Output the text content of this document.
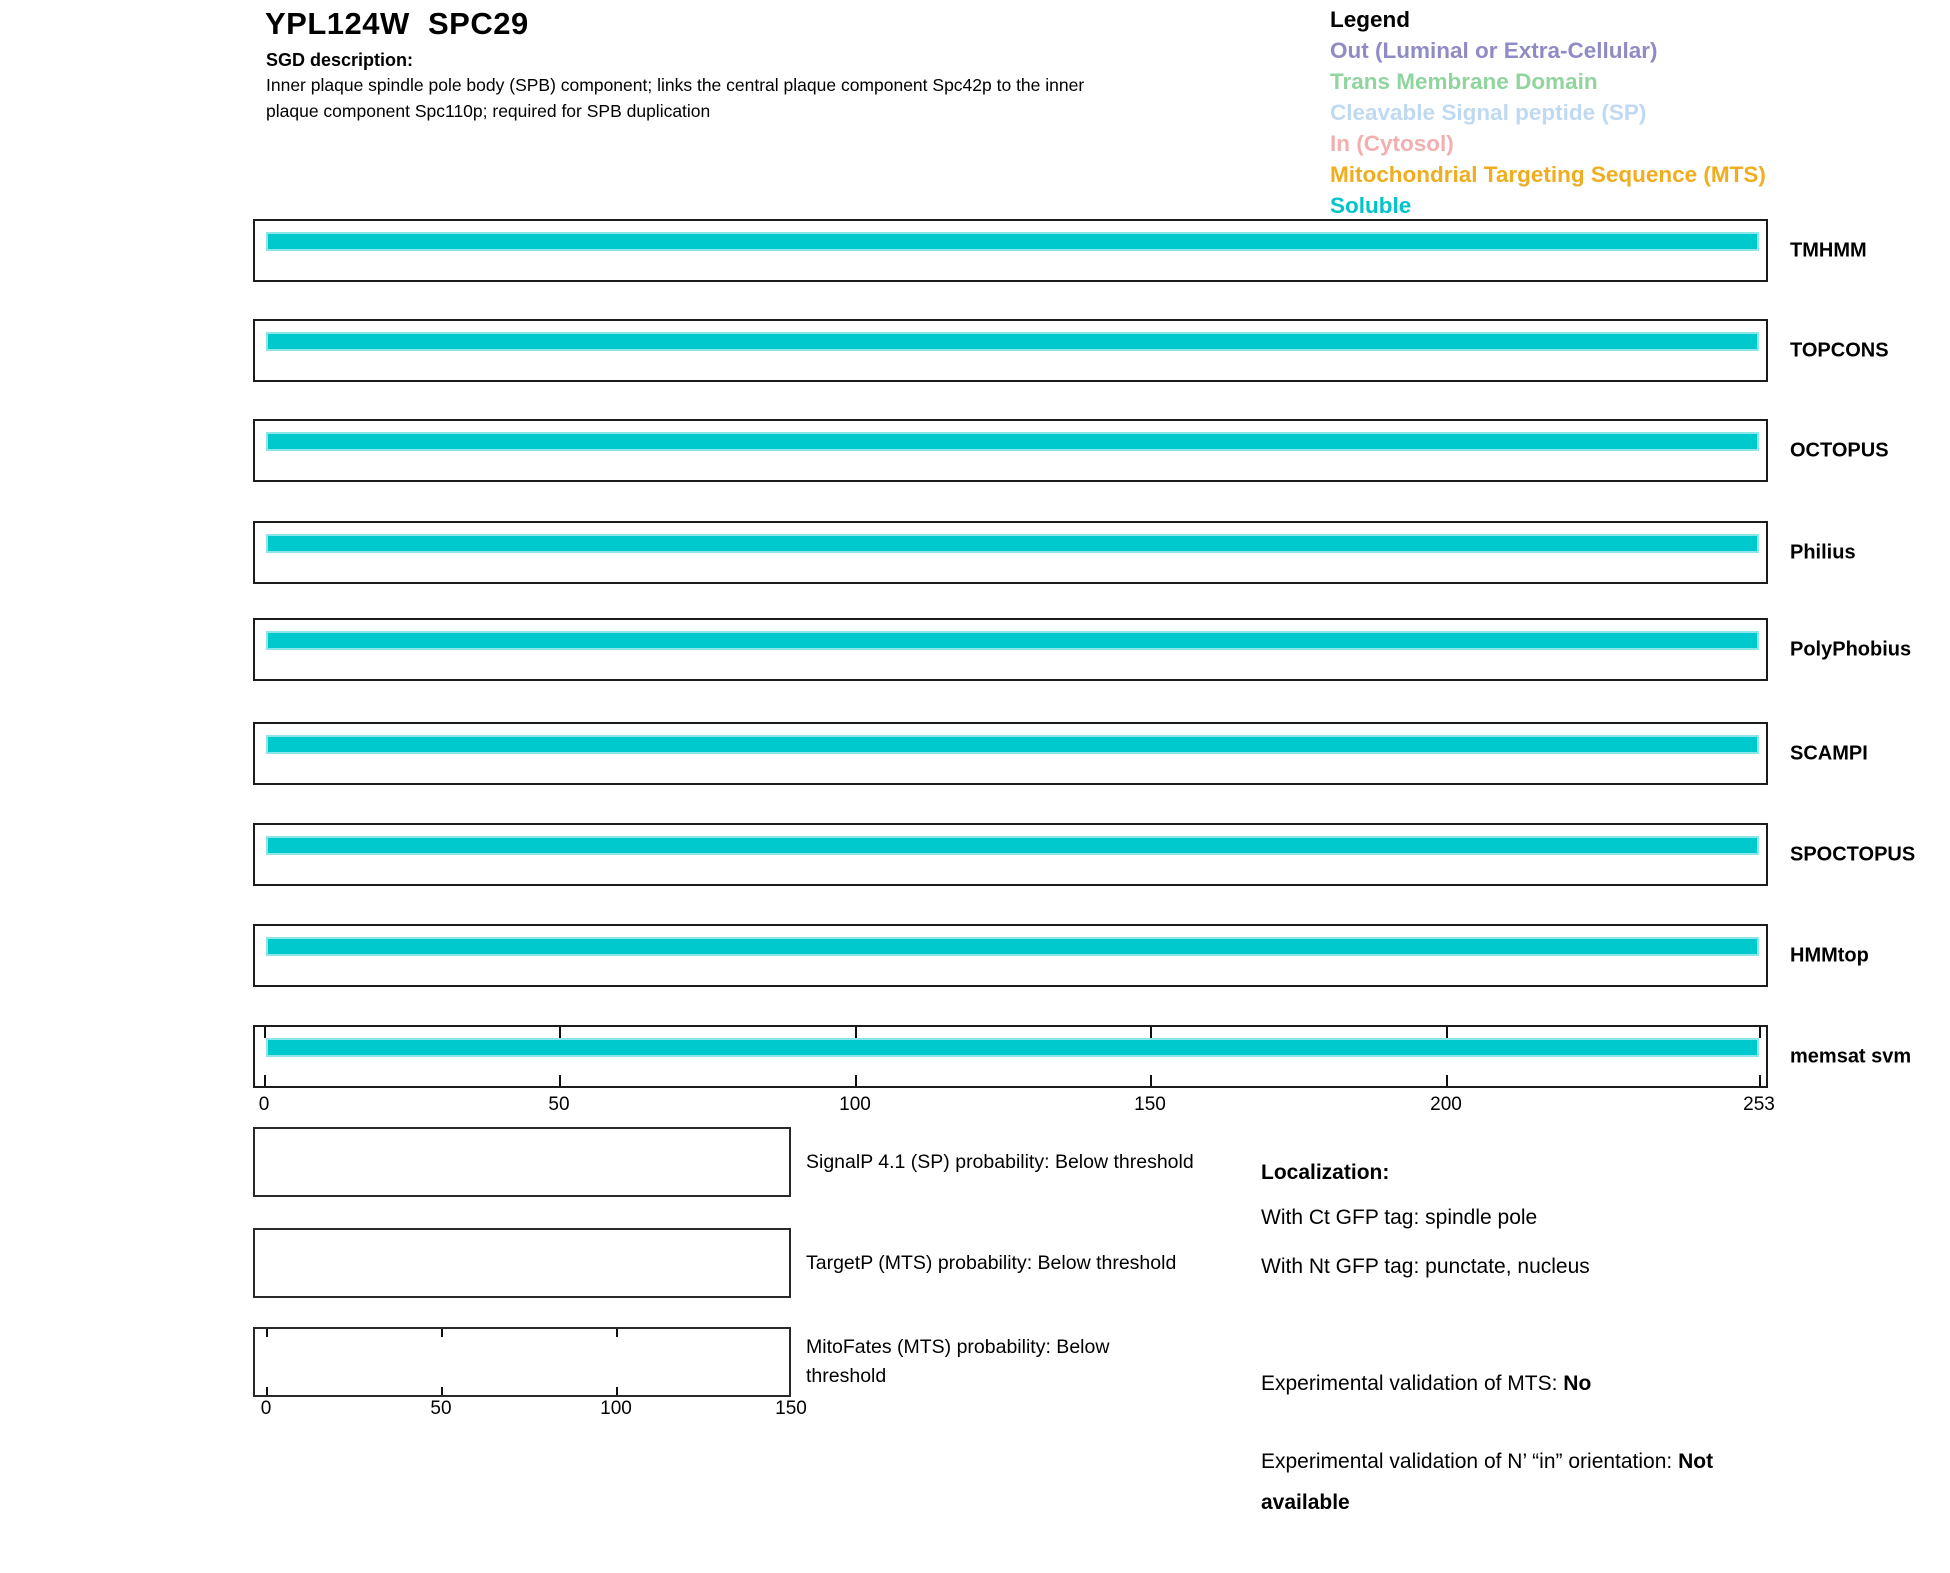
YPL124W  SPC29
SGD description:
Inner plaque spindle pole body (SPB) component; links the central plaque component Spc42p to the inner
plaque component Spc110p; required for SPB duplication
Legend
Out (Luminal or Extra-Cellular)
Trans Membrane Domain
Cleavable Signal peptide (SP)
In (Cytosol)
Mitochondrial Targeting Sequence (MTS)
Soluble
TMHMM
TOPCONS
OCTOPUS
Philius
PolyPhobius
SCAMPI
SPOCTOPUS
HMMtop
memsat svm
0	50	100	150	200	253
SignalP 4.1 (SP) probability: Below threshold
TargetP (MTS) probability: Below threshold
MitoFates (MTS) probability: Below
threshold
0	50	100	150
Localization:
With Ct GFP tag: spindle pole
With Nt GFP tag: punctate, nucleus
Experimental validation of MTS: No
Experimental validation of N’ “in” orientation: Not
available
